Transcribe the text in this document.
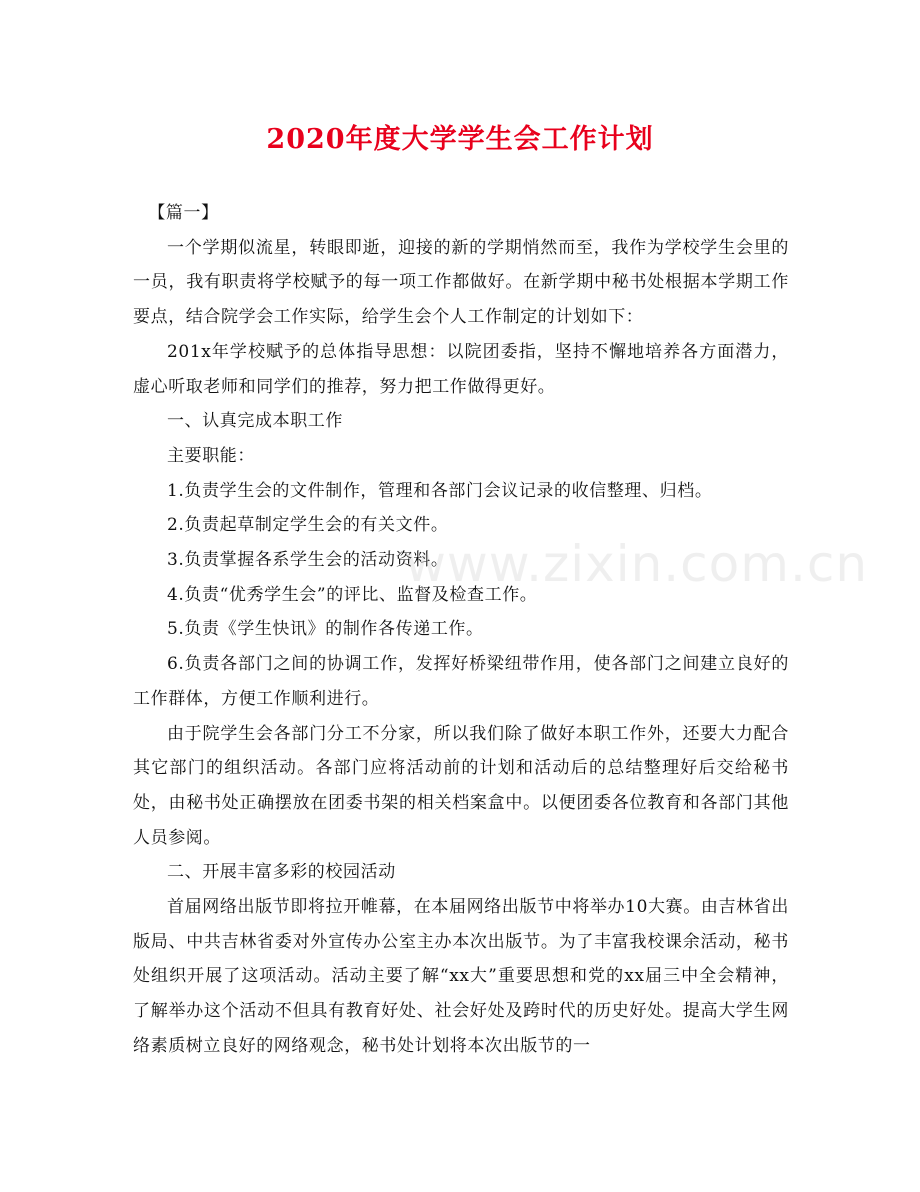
2020年度大学学生会工作计划

【篇一】

一个学期似流星，转眼即逝，迎接的新的学期悄然而至，我作为学校学生会里的一员，我有职责将学校赋予的每一项工作都做好。在新学期中秘书处根据本学期工作要点，结合院学会工作实际，给学生会个人工作制定的计划如下：

201x年学校赋予的总体指导思想：以院团委指，坚持不懈地培养各方面潜力，虚心听取老师和同学们的推荐，努力把工作做得更好。

一、认真完成本职工作

主要职能：

1.负责学生会的文件制作，管理和各部门会议记录的收信整理、归档。

2.负责起草制定学生会的有关文件。

3.负责掌握各系学生会的活动资料。

4.负责“优秀学生会”的评比、监督及检查工作。

5.负责《学生快讯》的制作各传递工作。

6.负责各部门之间的协调工作，发挥好桥梁纽带作用，使各部门之间建立良好的工作群体，方便工作顺利进行。

由于院学生会各部门分工不分家，所以我们除了做好本职工作外，还要大力配合其它部门的组织活动。各部门应将活动前的计划和活动后的总结整理好后交给秘书处，由秘书处正确摆放在团委书架的相关档案盒中。以便团委各位教育和各部门其他人员参阅。

二、开展丰富多彩的校园活动

首届网络出版节即将拉开帷幕，在本届网络出版节中将举办10大赛。由吉林省出版局、中共吉林省委对外宣传办公室主办本次出版节。为了丰富我校课余活动，秘书处组织开展了这项活动。活动主要了解“xx大”重要思想和党的xx届三中全会精神，了解举办这个活动不但具有教育好处、社会好处及跨时代的历史好处。提高大学生网络素质树立良好的网络观念，秘书处计划将本次出版节的一

www.zixin.com.cn
